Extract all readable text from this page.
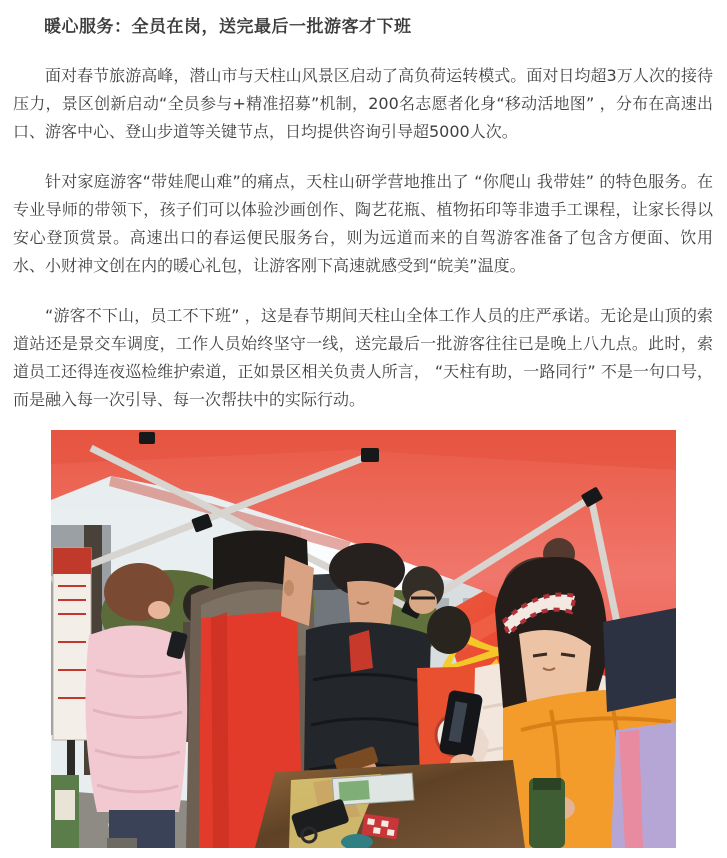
暖心服务：全员在岗，送完最后一批游客才下班

面对春节旅游高峰，潜山市与天柱山风景区启动了高负荷运转模式。面对日均超3万人次的接待压力，景区创新启动“全员参与+精准招募”机制，200名志愿者化身“移动活地图” ，分布在高速出口、游客中心、登山步道等关键节点，日均提供咨询引导超5000人次。

针对家庭游客“带娃爬山难”的痛点，天柱山研学营地推出了 “你爬山 我带娃” 的特色服务。在专业导师的带领下，孩子们可以体验沙画创作、陶艺花瓶、植物拓印等非遗手工课程，让家长得以安心登顶赏景。高速出口的春运便民服务台，则为远道而来的自驾游客准备了包含方便面、饮用水、小财神文创在内的暖心礼包，让游客刚下高速就感受到“皖美”温度。

“游客不下山，员工不下班” ，这是春节期间天柱山全体工作人员的庄严承诺。无论是山顶的索道站还是景交车调度，工作人员始终坚守一线，送完最后一批游客往往已是晚上八九点。此时，索道员工还得连夜巡检维护索道，正如景区相关负责人所言， “天柱有助，一路同行” 不是一句口号，而是融入每一次引导、每一次帮扶中的实际行动。
